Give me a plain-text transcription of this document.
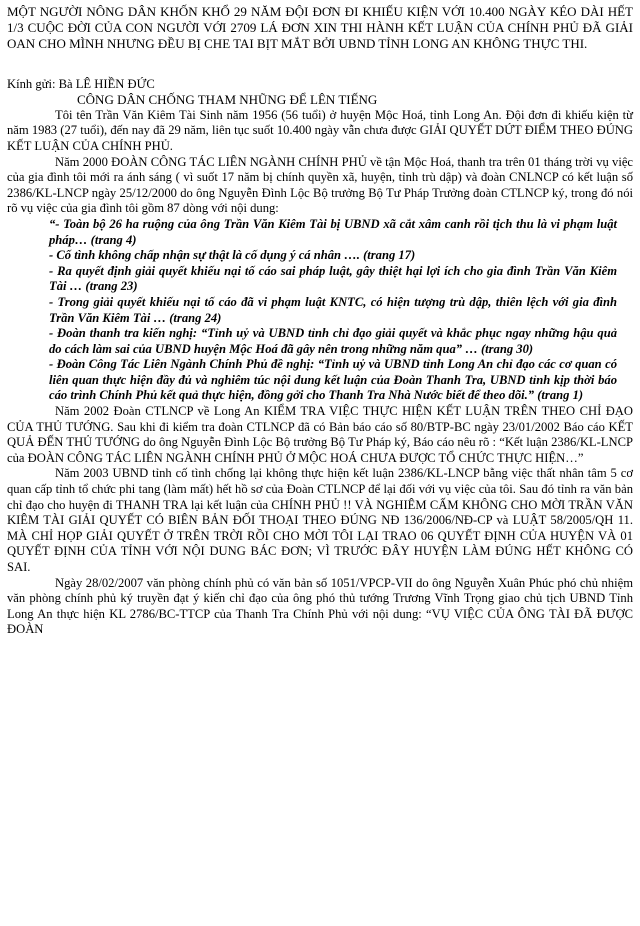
MỘT NGƯỜI NÔNG DÂN KHỐN KHỔ 29 NĂM ĐỘI ĐƠN ĐI KHIẾU KIỆN VỚI 10.400 NGÀY KÉO DÀI HẾT 1/3 CUỘC ĐỜI CỦA CON NGƯỜI VỚI 2709 LÁ ĐƠN XIN THI HÀNH KẾT LUẬN CỦA CHÍNH PHỦ ĐÃ GIẢI OAN CHO MÌNH NHƯNG ĐỀU BỊ CHE TAI BỊT MẮT BỞI UBND TỈNH LONG AN KHÔNG THỰC THI.

Kính gửi: Bà LÊ HIỀN ĐỨC

CÔNG DÂN CHỐNG THAM NHŨNG ĐỂ LÊN TIẾNG

Tôi tên Trần Văn Kiêm Tài Sinh năm 1956 (56 tuổi) ở huyện Mộc Hoá, tỉnh Long An. Đội đơn đi khiếu kiện từ năm 1983 (27 tuổi), đến nay đã 29 năm, liên tục suốt 10.400 ngày vẫn chưa được GIẢI QUYẾT DỨT ĐIỂM THEO ĐÚNG KẾT LUẬN CỦA CHÍNH PHỦ.

Năm 2000 ĐOÀN CÔNG TÁC LIÊN NGÀNH CHÍNH PHỦ về tận Mộc Hoá, thanh tra trên 01 tháng trời vụ việc của gia đình tôi mới ra ánh sáng ( vì suốt 17 năm bị chính quyền xã, huyện, tỉnh trù dập) và đoàn CNLNCP có kết luận số 2386/KL-LNCP ngày 25/12/2000 do ông Nguyễn Đình Lộc Bộ trưởng Bộ Tư Pháp Trưởng đoàn CTLNCP ký, trong đó nói rõ vụ việc của gia đình tôi gồm 87 dòng với nội dung:

“- Toàn bộ 26 ha ruộng của ông Trần Văn Kiêm Tài bị UBND xã cắt xâm canh rồi tịch thu là vi phạm luật pháp… (trang 4)
- Cố tình không chấp nhận sự thật là cố dụng ý cá nhân …. (trang 17)
- Ra quyết định giải quyết khiếu nại tố cáo sai pháp luật, gây thiệt hại lợi ích cho gia đình Trần Văn Kiêm Tài … (trang 23)
- Trong giải quyết khiếu nại tố cáo đã vi phạm luật KNTC, có hiện tượng trù dập, thiên lệch với gia đình Trần Văn Kiêm Tài … (trang 24)
- Đoàn thanh tra kiến nghị: “Tỉnh uỷ và UBND tỉnh chỉ đạo giải quyết và khắc phục ngay những hậu quả do cách làm sai của UBND huyện Mộc Hoá đã gây nên trong những năm qua” … (trang 30)
- Đoàn Công Tác Liên Ngành Chính Phủ đề nghị: “Tỉnh uỷ và UBND tỉnh Long An chỉ đạo các cơ quan có liên quan thực hiện đầy đủ và nghiêm túc nội dung kết luận của Đoàn Thanh Tra, UBND tỉnh kịp thời báo cáo trình Chính Phủ kết quả thực hiện, đồng gởi cho Thanh Tra Nhà Nước biết để theo dõi.” (trang 1)

Năm 2002 Đoàn CTLNCP về Long An KIỂM TRA VIỆC THỰC HIỆN KẾT LUẬN TRÊN THEO CHỈ ĐẠO CỦA THỦ TƯỚNG. Sau khi đi kiểm tra đoàn CTLNCP đã có Bản báo cáo số 80/BTP-BC ngày 23/01/2002 Báo cáo KẾT QUẢ ĐẾN THỦ TƯỚNG do ông Nguyễn Đình Lộc Bộ trưởng Bộ Tư Pháp ký, Báo cáo nêu rõ : “Kết luận 2386/KL-LNCP của ĐOÀN CÔNG TÁC LIÊN NGÀNH CHÍNH PHỦ Ở MỘC HOÁ CHƯA ĐƯỢC TỔ CHỨC THỰC HIỆN…”

Năm 2003 UBND tỉnh cố tình chống lại không thực hiện kết luận 2386/KL-LNCP bằng việc thất nhân tâm 5 cơ quan cấp tỉnh tổ chức phi tang (làm mất) hết hồ sơ của Đoàn CTLNCP để lại đối với vụ việc của tôi. Sau đó tỉnh ra văn bản chỉ đạo cho huyện đi THANH TRA lại kết luận của CHÍNH PHỦ !! VÀ NGHIÊM CẤM KHÔNG CHO MỜI TRẦN VĂN KIÊM TÀI GIẢI QUYẾT CÓ BIÊN BẢN ĐỐI THOẠI THEO ĐÚNG NĐ 136/2006/NĐ-CP và LUẬT 58/2005/QH 11. MÀ CHỈ HỌP GIẢI QUYẾT Ở TRÊN TRỜI RỒI CHO MỜI TÔI LẠI TRAO 06 QUYẾT ĐỊNH CỦA HUYỆN VÀ 01 QUYẾT ĐỊNH CỦA TỈNH VỚI NỘI DUNG BÁC ĐƠN; VÌ TRƯỚC ĐÂY HUYỆN LÀM ĐÚNG HẾT KHÔNG CÓ SAI.

Ngày 28/02/2007 văn phòng chính phủ có văn bản số 1051/VPCP-VII do ông Nguyễn Xuân Phúc phó chủ nhiệm văn phòng chính phủ ký truyền đạt ý kiến chỉ đạo của ông phó thủ tướng Trương Vĩnh Trọng giao chủ tịch UBND Tỉnh Long An thực hiện KL 2786/BC-TTCP của Thanh Tra Chính Phủ với nội dung: “VỤ VIỆC CỦA ÔNG TÀI ĐÃ ĐƯỢC ĐOÀN
